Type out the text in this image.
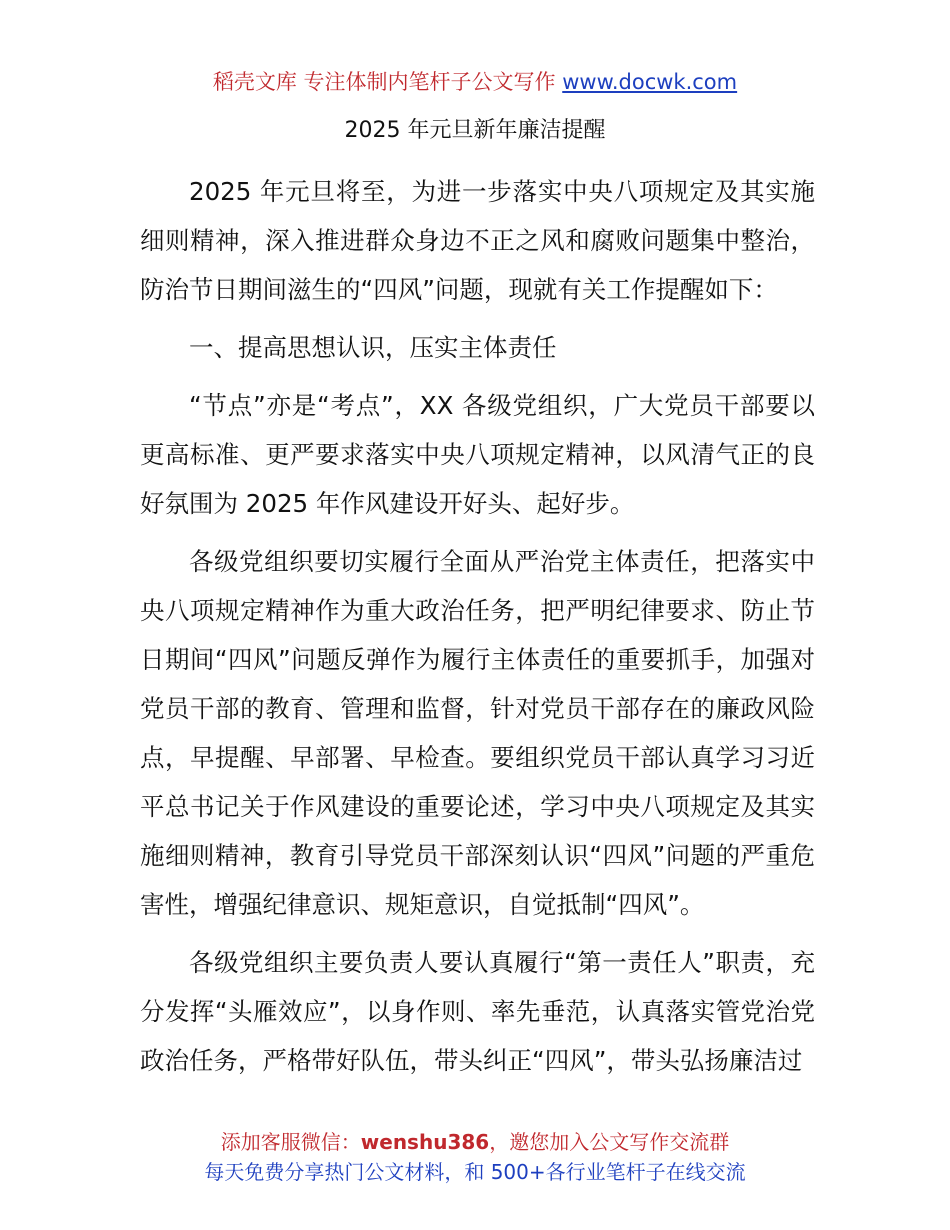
稻壳文库 专注体制内笔杆子公文写作 www.docwk.com
2025 年元旦新年廉洁提醒

2025 年元旦将至，为进一步落实中央八项规定及其实施细则精神，深入推进群众身边不正之风和腐败问题集中整治，防治节日期间滋生的“四风”问题，现就有关工作提醒如下：

一、提高思想认识，压实主体责任

“节点”亦是“考点”，XX 各级党组织，广大党员干部要以更高标准、更严要求落实中央八项规定精神，以风清气正的良好氛围为 2025 年作风建设开好头、起好步。

各级党组织要切实履行全面从严治党主体责任，把落实中央八项规定精神作为重大政治任务，把严明纪律要求、防止节日期间“四风”问题反弹作为履行主体责任的重要抓手，加强对党员干部的教育、管理和监督，针对党员干部存在的廉政风险点，早提醒、早部署、早检查。要组织党员干部认真学习习近平总书记关于作风建设的重要论述，学习中央八项规定及其实施细则精神，教育引导党员干部深刻认识“四风”问题的严重危害性，增强纪律意识、规矩意识，自觉抵制“四风”。

各级党组织主要负责人要认真履行“第一责任人”职责，充分发挥“头雁效应”，以身作则、率先垂范，认真落实管党治党政治任务，严格带好队伍，带头纠正“四风”，带头弘扬廉洁过

添加客服微信：wenshu386，邀您加入公文写作交流群
每天免费分享热门公文材料，和 500+各行业笔杆子在线交流
